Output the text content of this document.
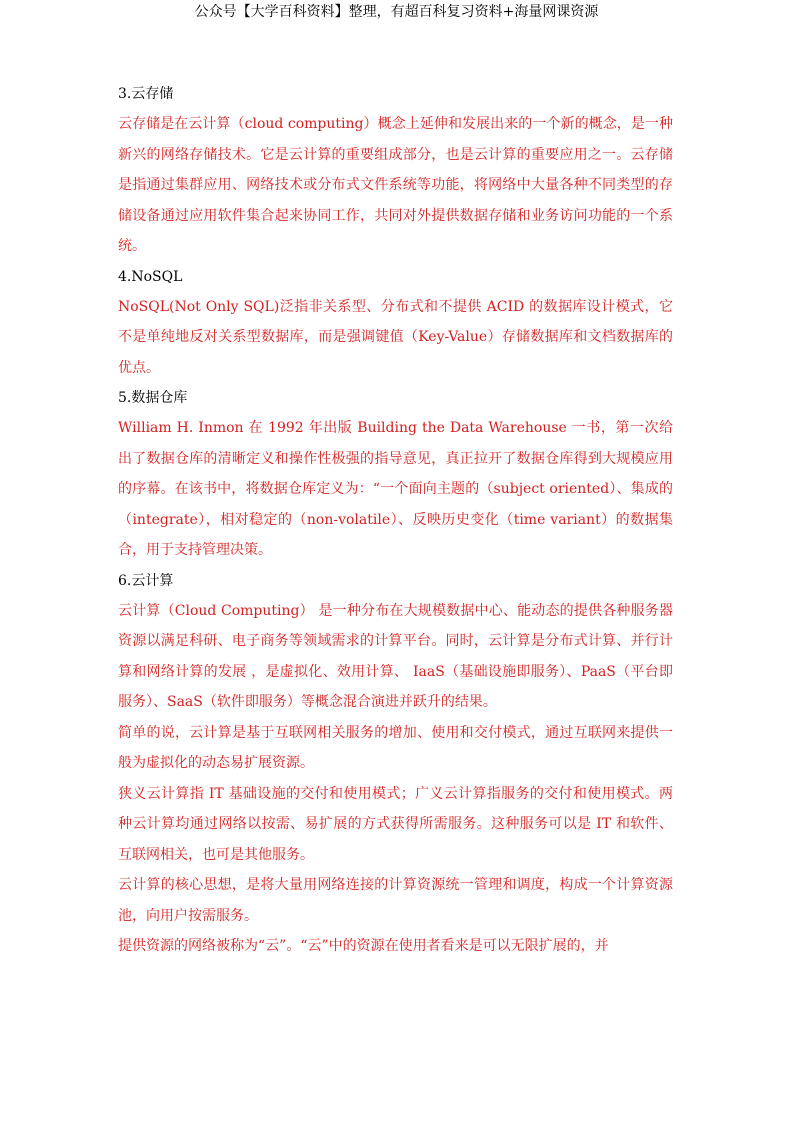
公众号【大学百科资料】整理，有超百科复习资料+海量网课资源
3.云存储

云存储是在云计算（cloud computing）概念上延伸和发展出来的一个新的概念，是一种新兴的网络存储技术。它是云计算的重要组成部分，也是云计算的重要应用之一。云存储是指通过集群应用、网络技术或分布式文件系统等功能，将网络中大量各种不同类型的存储设备通过应用软件集合起来协同工作，共同对外提供数据存储和业务访问功能的一个系统。

4.NoSQL

NoSQL(Not Only SQL)泛指非关系型、分布式和不提供 ACID 的数据库设计模式，它不是单纯地反对关系型数据库，而是强调键值（Key-Value）存储数据库和文档数据库的优点。

5.数据仓库

William H. Inmon 在 1992 年出版 Building the Data Warehouse 一书，第一次给出了数据仓库的清晰定义和操作性极强的指导意见，真正拉开了数据仓库得到大规模应用的序幕。在该书中，将数据仓库定义为：“一个面向主题的（subject oriented）、集成的（integrate），相对稳定的（non-volatile）、反映历史变化（time variant）的数据集合，用于支持管理决策。

6.云计算

云计算（Cloud Computing） 是一种分布在大规模数据中心、能动态的提供各种服务器资源以满足科研、电子商务等领域需求的计算平台。同时，云计算是分布式计算、并行计算和网络计算的发展 ，是虚拟化、效用计算、 IaaS（基础设施即服务）、PaaS（平台即服务）、SaaS（软件即服务）等概念混合演进并跃升的结果。

简单的说，云计算是基于互联网相关服务的增加、使用和交付模式，通过互联网来提供一般为虚拟化的动态易扩展资源。

狭义云计算指 IT 基础设施的交付和使用模式；广义云计算指服务的交付和使用模式。两种云计算均通过网络以按需、易扩展的方式获得所需服务。这种服务可以是 IT 和软件、互联网相关，也可是其他服务。

云计算的核心思想，是将大量用网络连接的计算资源统一管理和调度，构成一个计算资源池，向用户按需服务。

提供资源的网络被称为“云”。“云”中的资源在使用者看来是可以无限扩展的，并
